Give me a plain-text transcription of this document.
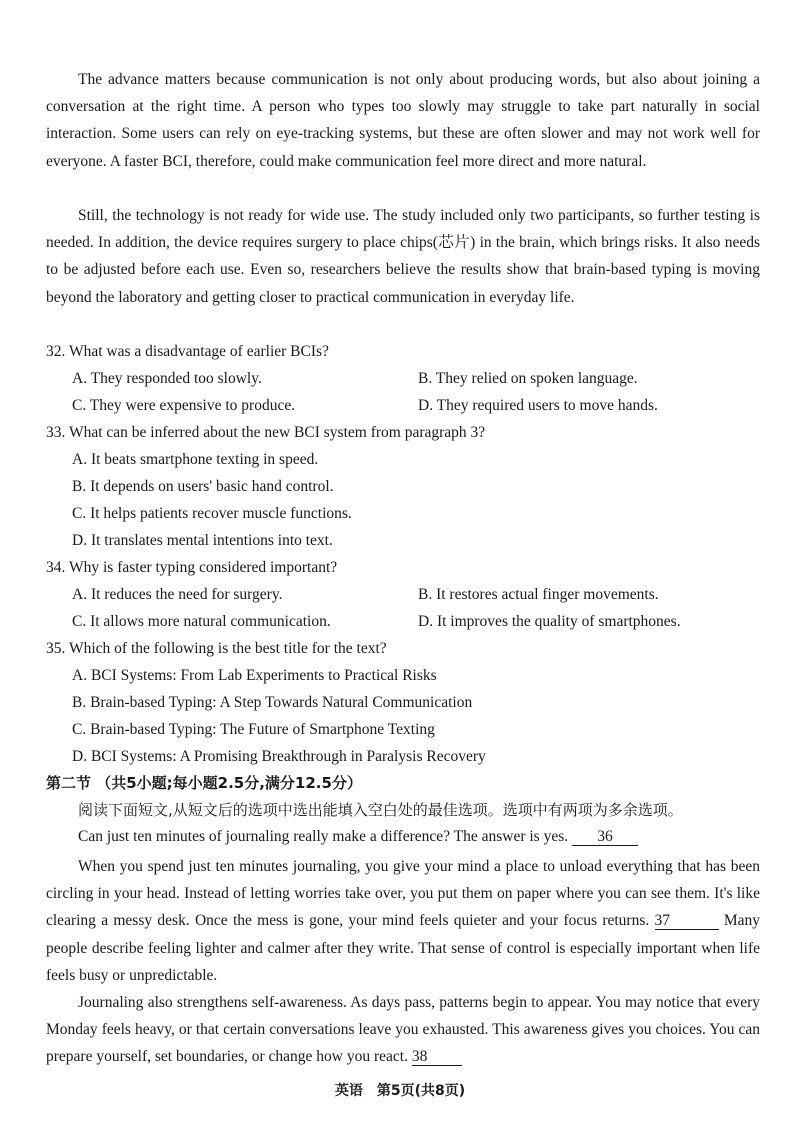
The advance matters because communication is not only about producing words, but also about joining a conversation at the right time. A person who types too slowly may struggle to take part naturally in social interaction. Some users can rely on eye-tracking systems, but these are often slower and may not work well for everyone. A faster BCI, therefore, could make communication feel more direct and more natural.

Still, the technology is not ready for wide use. The study included only two participants, so further testing is needed. In addition, the device requires surgery to place chips(芯片) in the brain, which brings risks. It also needs to be adjusted before each use. Even so, researchers believe the results show that brain-based typing is moving beyond the laboratory and getting closer to practical communication in everyday life.

32. What was a disadvantage of earlier BCIs?
A. They responded too slowly.	B. They relied on spoken language.
C. They were expensive to produce.	D. They required users to move hands.
33. What can be inferred about the new BCI system from paragraph 3?
A. It beats smartphone texting in speed.
B. It depends on users' basic hand control.
C. It helps patients recover muscle functions.
D. It translates mental intentions into text.
34. Why is faster typing considered important?
A. It reduces the need for surgery.	B. It restores actual finger movements.
C. It allows more natural communication.	D. It improves the quality of smartphones.
35. Which of the following is the best title for the text?
A. BCI Systems: From Lab Experiments to Practical Risks
B. Brain-based Typing: A Step Towards Natural Communication
C. Brain-based Typing: The Future of Smartphone Texting
D. BCI Systems: A Promising Breakthrough in Paralysis Recovery
第二节 （共5小题;每小题2.5分,满分12.5分）
阅读下面短文,从短文后的选项中选出能填入空白处的最佳选项。选项中有两项为多余选项。
Can just ten minutes of journaling really make a difference? The answer is yes. 36

When you spend just ten minutes journaling, you give your mind a place to unload everything that has been circling in your head. Instead of letting worries take over, you put them on paper where you can see them. It's like clearing a messy desk. Once the mess is gone, your mind feels quieter and your focus returns. 37	Many people describe feeling lighter and calmer after they write. That sense of control is especially important when life feels busy or unpredictable.

Journaling also strengthens self-awareness. As days pass, patterns begin to appear. You may notice that every Monday feels heavy, or that certain conversations leave you exhausted. This awareness gives you choices. You can prepare yourself, set boundaries, or change how you react. 38

英语　第5页(共8页)
